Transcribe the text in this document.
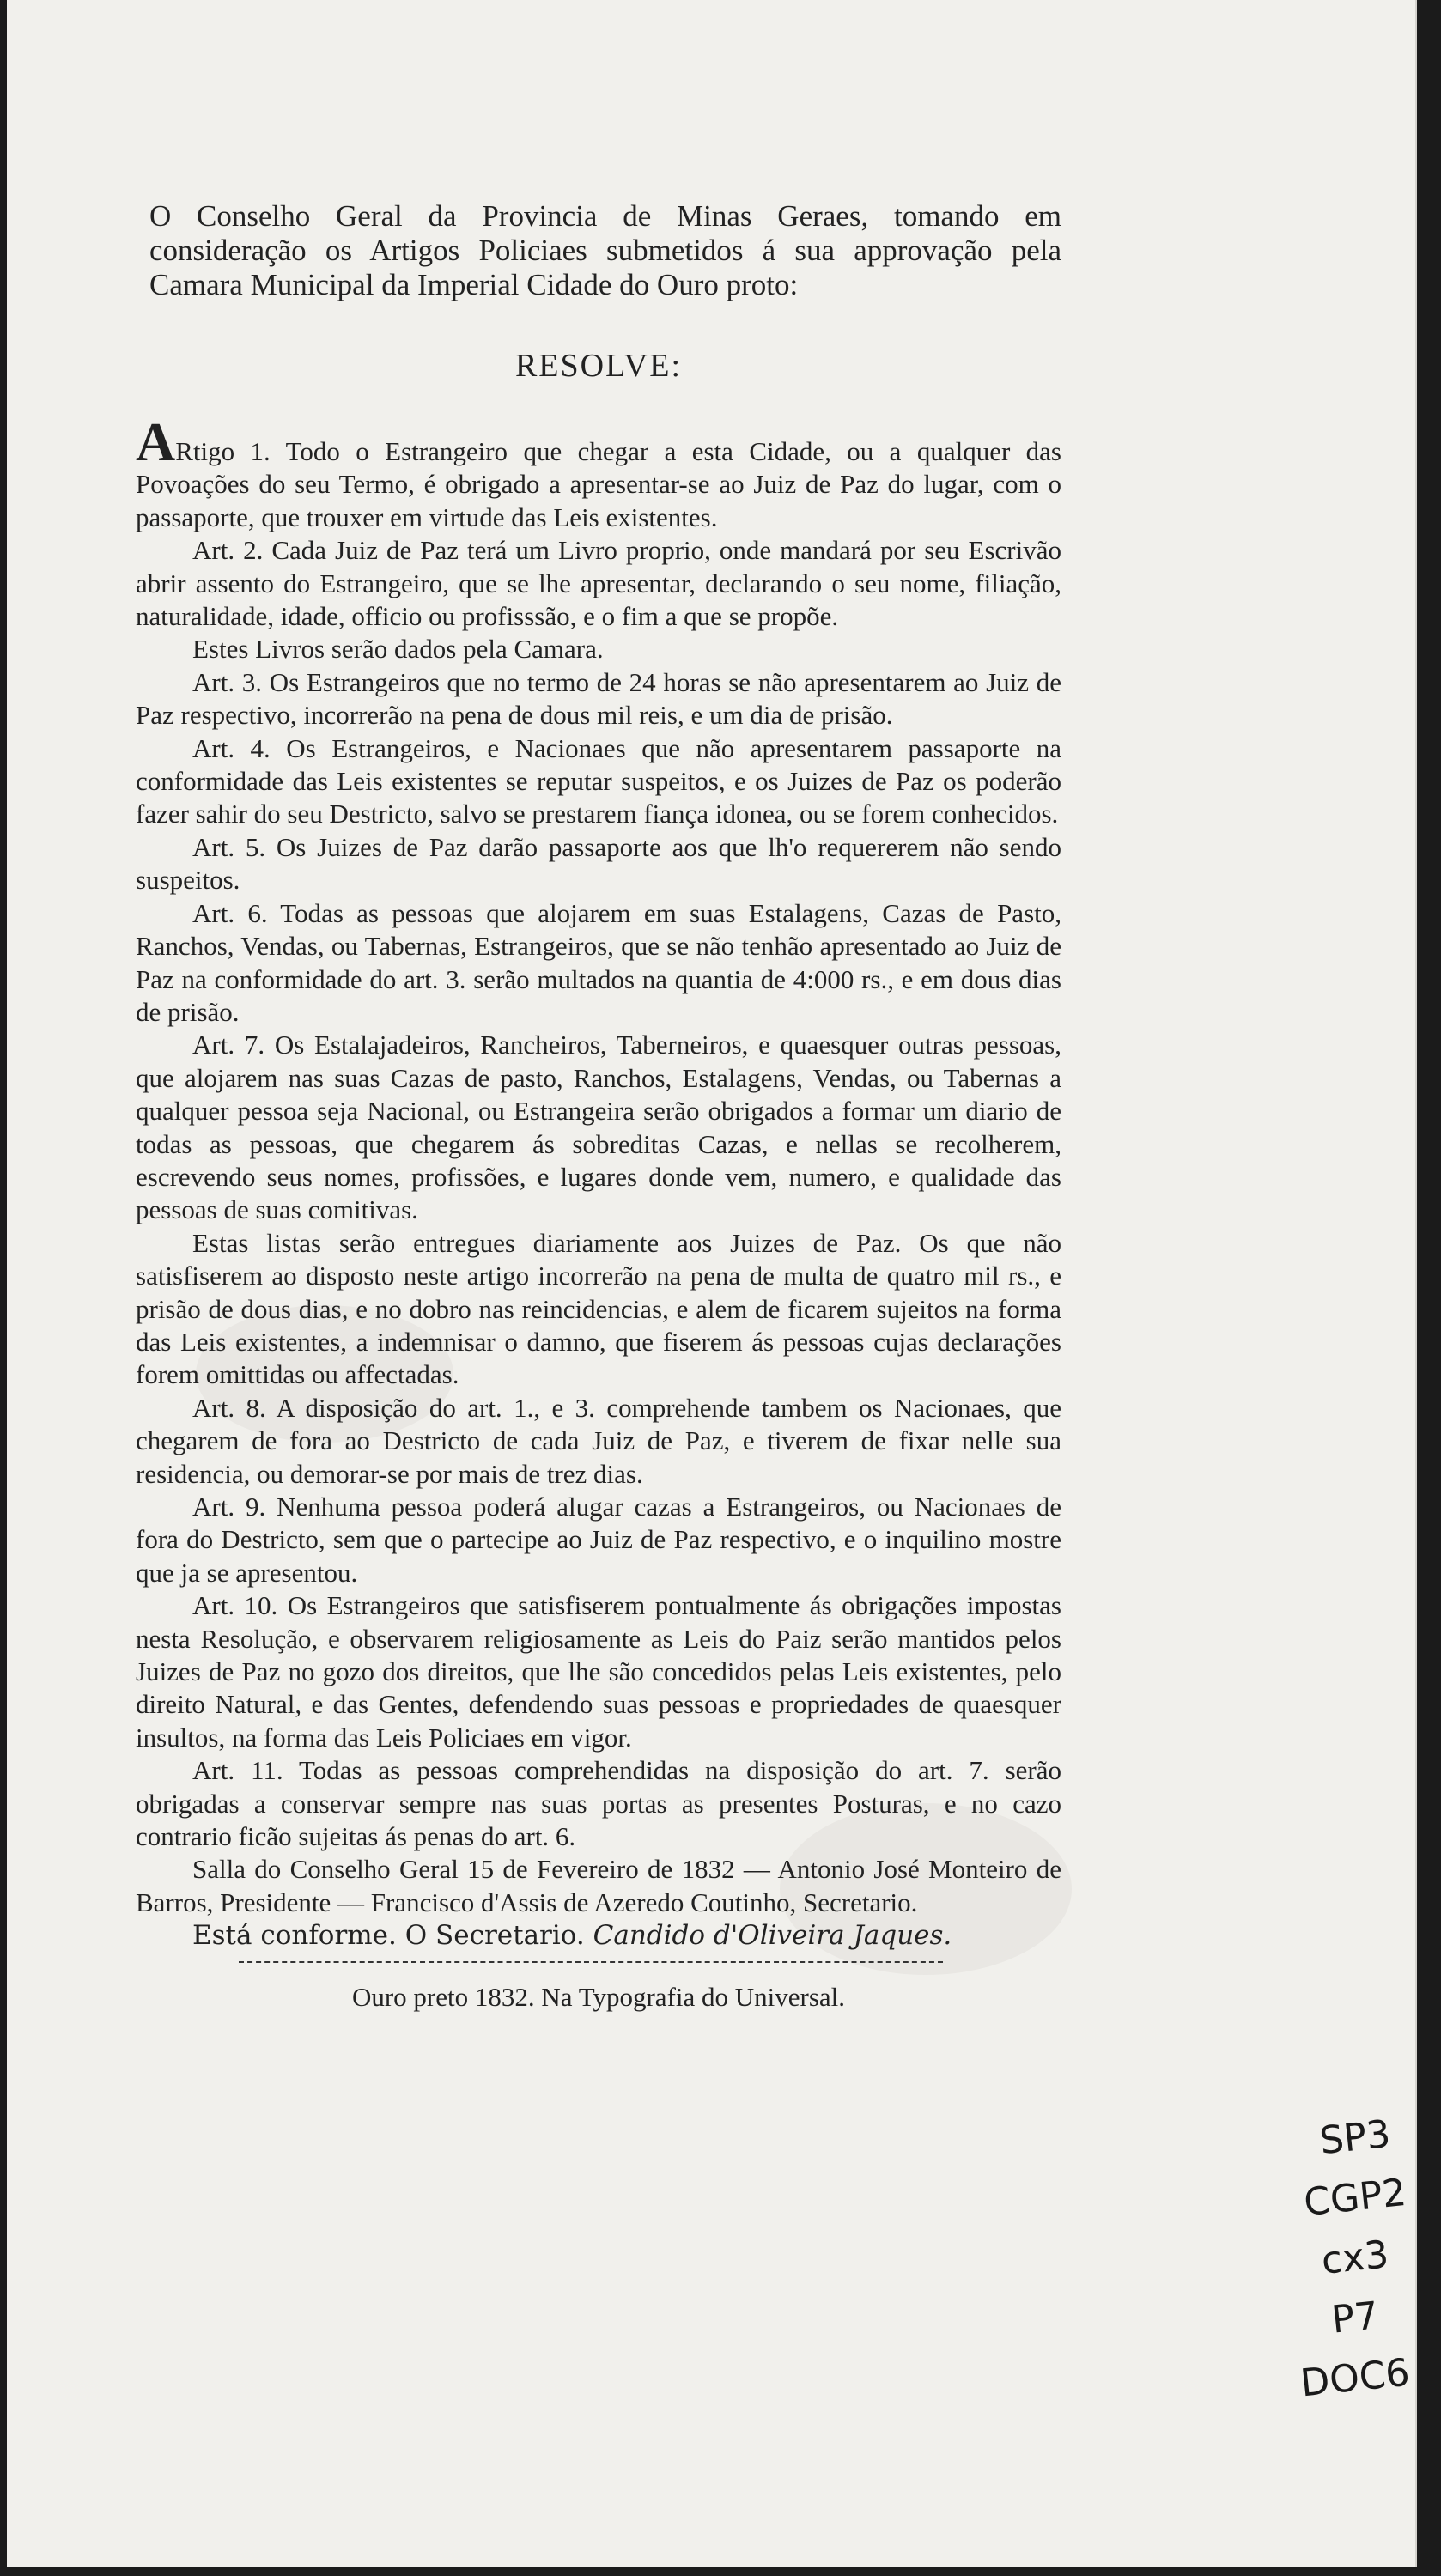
O Conselho Geral da Provincia de Minas Geraes, tomando em consideração os Artigos Policiaes submetidos á sua approvação pela Camara Municipal da Imperial Cidade do Ouro proto:

RESOLVE:

ARtigo 1. Todo o Estrangeiro que chegar a esta Cidade, ou a qualquer das Povoações do seu Termo, é obrigado a apresentar-se ao Juiz de Paz do lugar, com o passaporte, que trouxer em virtude das Leis existentes.

Art. 2. Cada Juiz de Paz terá um Livro proprio, onde mandará por seu Escrivão abrir assento do Estrangeiro, que se lhe apresentar, declarando o seu nome, filiação, naturalidade, idade, officio ou profisssão, e o fim a que se propõe.

Estes Livros serão dados pela Camara.

Art. 3. Os Estrangeiros que no termo de 24 horas se não apresentarem ao Juiz de Paz respectivo, incorrerão na pena de dous mil reis, e um dia de prisão.

Art. 4. Os Estrangeiros, e Nacionaes que não apresentarem passaporte na conformidade das Leis existentes se reputar suspeitos, e os Juizes de Paz os poderão fazer sahir do seu Destricto, salvo se prestarem fiança idonea, ou se forem conhecidos.

Art. 5. Os Juizes de Paz darão passaporte aos que lh'o requererem não sendo suspeitos.

Art. 6. Todas as pessoas que alojarem em suas Estalagens, Cazas de Pasto, Ranchos, Vendas, ou Tabernas, Estrangeiros, que se não tenhão apresentado ao Juiz de Paz na conformidade do art. 3. serão multados na quantia de 4:000 rs., e em dous dias de prisão.

Art. 7. Os Estalajadeiros, Rancheiros, Taberneiros, e quaesquer outras pessoas, que alojarem nas suas Cazas de pasto, Ranchos, Estalagens, Vendas, ou Tabernas a qualquer pessoa seja Nacional, ou Estrangeira serão obrigados a formar um diario de todas as pessoas, que chegarem ás sobreditas Cazas, e nellas se recolherem, escrevendo seus nomes, profissões, e lugares donde vem, numero, e qualidade das pessoas de suas comitivas.

Estas listas serão entregues diariamente aos Juizes de Paz. Os que não satisfiserem ao disposto neste artigo incorrerão na pena de multa de quatro mil rs., e prisão de dous dias, e no dobro nas reincidencias, e alem de ficarem sujeitos na forma das Leis existentes, a indemnisar o damno, que fiserem ás pessoas cujas declarações forem omittidas ou affectadas.

Art. 8. A disposição do art. 1., e 3. comprehende tambem os Nacionaes, que chegarem de fora ao Destricto de cada Juiz de Paz, e tiverem de fixar nelle sua residencia, ou demorar-se por mais de trez dias.

Art. 9. Nenhuma pessoa poderá alugar cazas a Estrangeiros, ou Nacionaes de fora do Destricto, sem que o partecipe ao Juiz de Paz respectivo, e o inquilino mostre que ja se apresentou.

Art. 10. Os Estrangeiros que satisfiserem pontualmente ás obrigações impostas nesta Resolução, e observarem religiosamente as Leis do Paiz serão mantidos pelos Juizes de Paz no gozo dos direitos, que lhe são concedidos pelas Leis existentes, pelo direito Natural, e das Gentes, defendendo suas pessoas e propriedades de quaesquer insultos, na forma das Leis Policiaes em vigor.

Art. 11. Todas as pessoas comprehendidas na disposição do art. 7. serão obrigadas a conservar sempre nas suas portas as presentes Posturas, e no cazo contrario ficão sujeitas ás penas do art. 6.

Salla do Conselho Geral 15 de Fevereiro de 1832 — Antonio José Monteiro de Barros, Presidente — Francisco d'Assis de Azeredo Coutinho, Secretario.

Está conforme. O Secretario. Candido d'Oliveira Jaques.

Ouro preto 1832. Na Typografia do Universal.
SP3
CGP2
cx3
P7
DOC6
